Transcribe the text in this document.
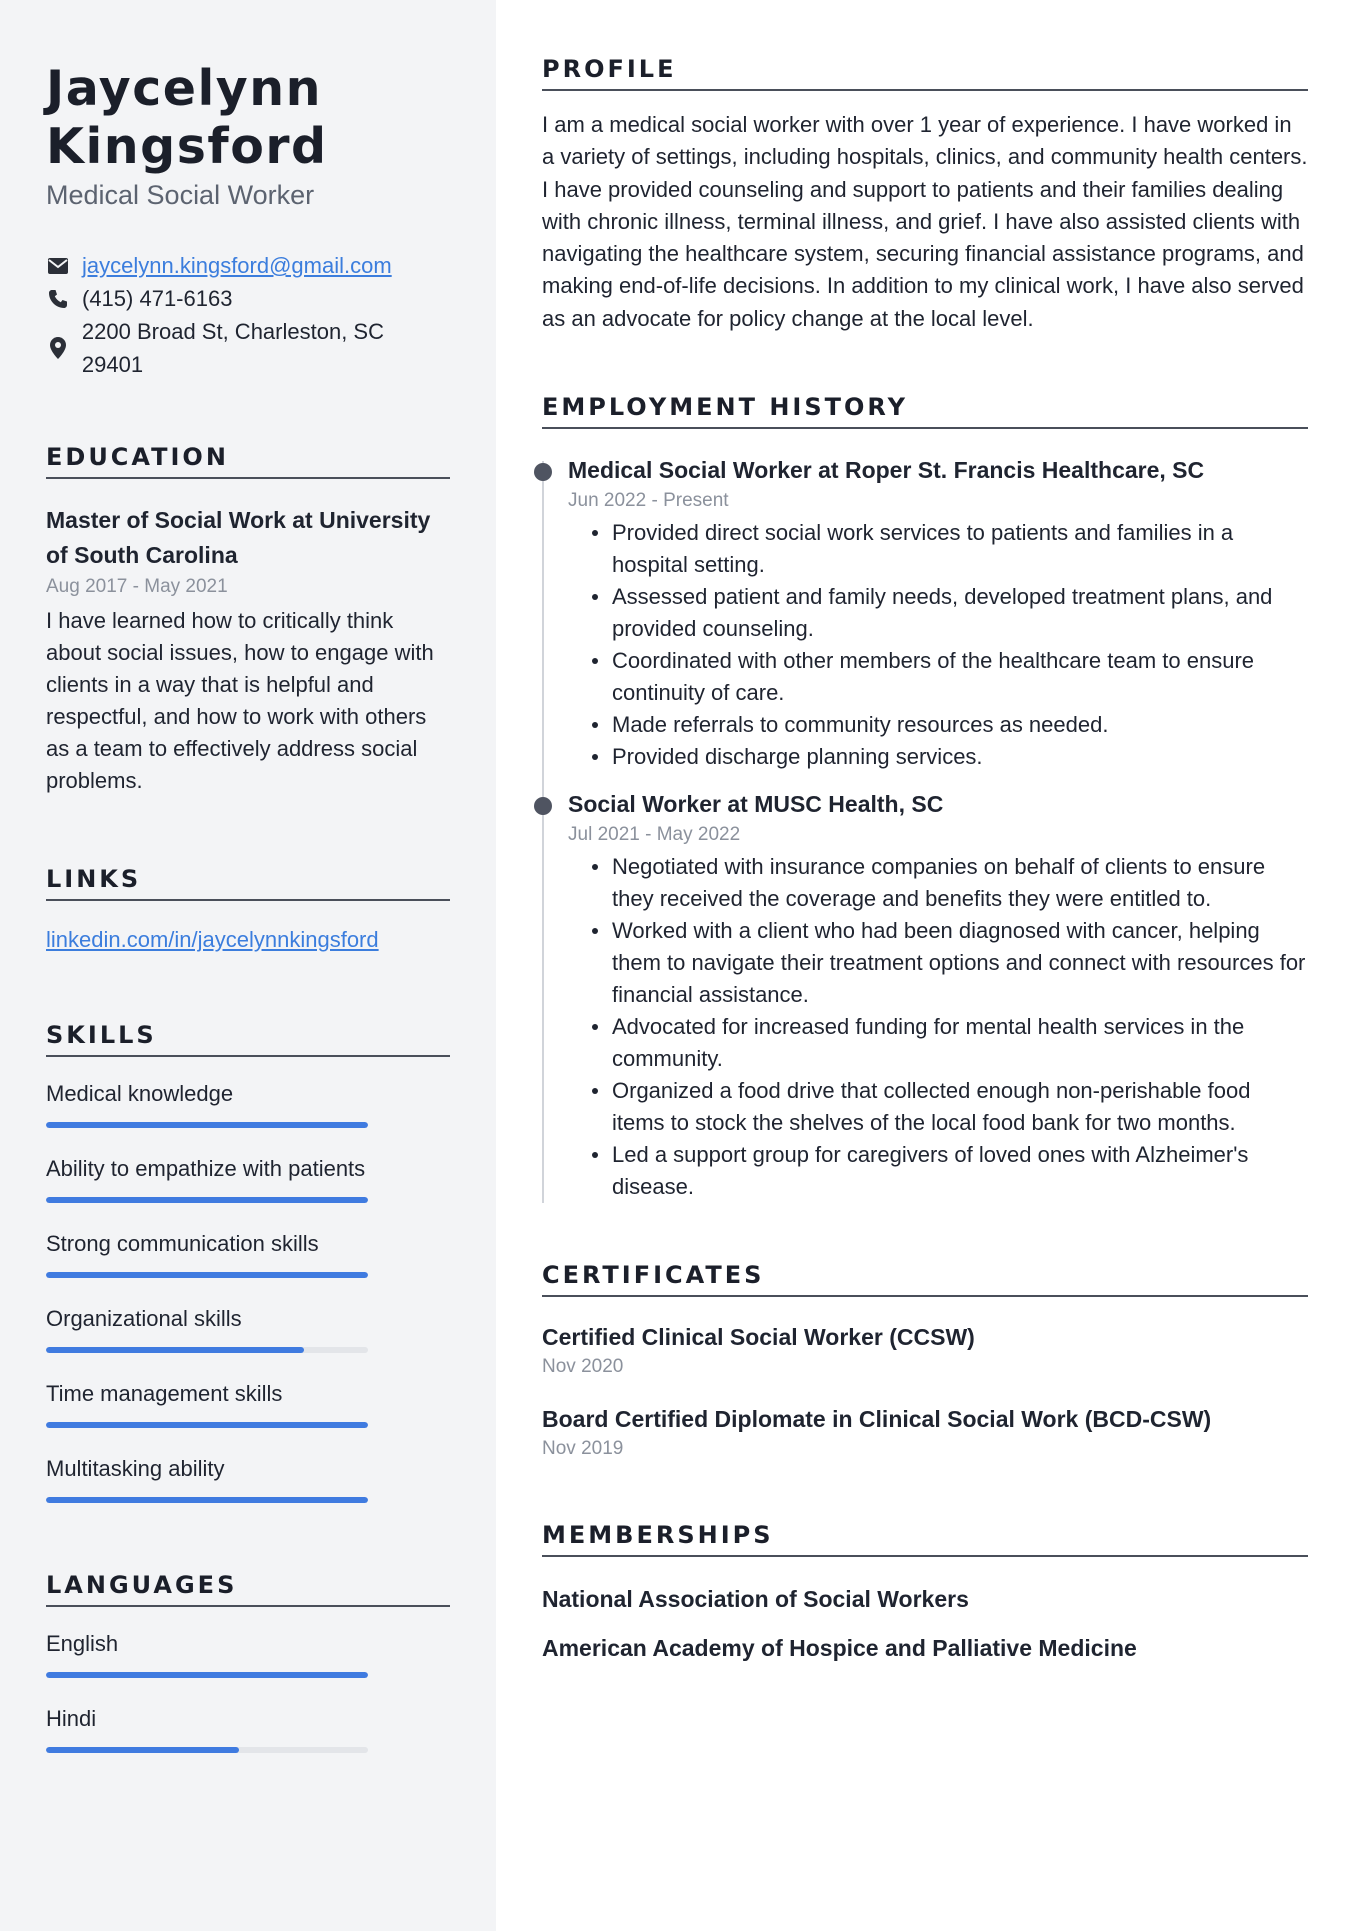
Jaycelynn
Kingsford
Medical Social Worker
jaycelynn.kingsford@gmail.com
(415) 471-6163
2200 Broad St, Charleston, SC 29401
EDUCATION
Master of Social Work at University of South Carolina
Aug 2017 - May 2021
I have learned how to critically think about social issues, how to engage with clients in a way that is helpful and respectful, and how to work with others as a team to effectively address social problems.
LINKS
linkedin.com/in/jaycelynnkingsford
SKILLS
Medical knowledge
Ability to empathize with patients
Strong communication skills
Organizational skills
Time management skills
Multitasking ability
LANGUAGES
English
Hindi
PROFILE

I am a medical social worker with over 1 year of experience. I have worked in a variety of settings, including hospitals, clinics, and community health centers. I have provided counseling and support to patients and their families dealing with chronic illness, terminal illness, and grief. I have also assisted clients with navigating the healthcare system, securing financial assistance programs, and making end-of-life decisions. In addition to my clinical work, I have also served as an advocate for policy change at the local level.

EMPLOYMENT HISTORY
Medical Social Worker at Roper St. Francis Healthcare, SC
Jun 2022 - Present
Provided direct social work services to patients and families in a hospital setting.
Assessed patient and family needs, developed treatment plans, and provided counseling.
Coordinated with other members of the healthcare team to ensure continuity of care.
Made referrals to community resources as needed.
Provided discharge planning services.
Social Worker at MUSC Health, SC
Jul 2021 - May 2022
Negotiated with insurance companies on behalf of clients to ensure they received the coverage and benefits they were entitled to.
Worked with a client who had been diagnosed with cancer, helping them to navigate their treatment options and connect with resources for financial assistance.
Advocated for increased funding for mental health services in the community.
Organized a food drive that collected enough non-perishable food items to stock the shelves of the local food bank for two months.
Led a support group for caregivers of loved ones with Alzheimer's disease.
CERTIFICATES
Certified Clinical Social Worker (CCSW)
Nov 2020
Board Certified Diplomate in Clinical Social Work (BCD-CSW)
Nov 2019
MEMBERSHIPS
National Association of Social Workers
American Academy of Hospice and Palliative Medicine
